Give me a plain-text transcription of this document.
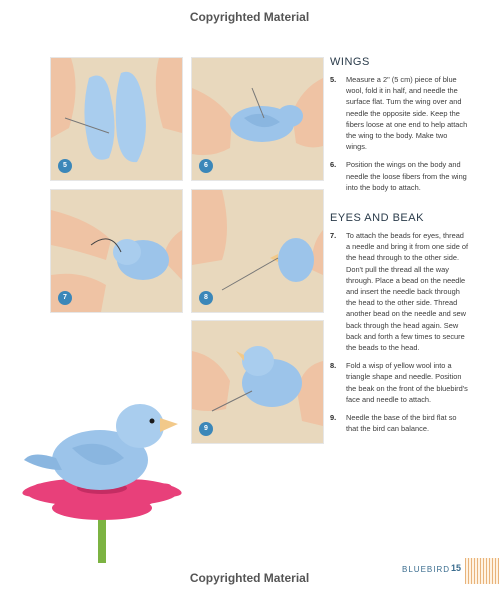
Copyrighted Material
5	6
7	8
9
WINGS
5. Measure a 2" (5 cm) piece of blue wool, fold it in half, and needle the surface flat. Turn the wing over and needle the opposite side. Keep the fibers loose at one end to help attach the wing to the body. Make two wings.
6. Position the wings on the body and needle the loose fibers from the wing into the body to attach.
EYES AND BEAK
7. To attach the beads for eyes, thread a needle and bring it from one side of the head through to the other side. Don't pull the thread all the way through. Place a bead on the needle and insert the needle back through the head to the other side. Thread another bead on the needle and sew back through the head again. Sew back and forth a few times to secure the beads to the head.
8. Fold a wisp of yellow wool into a triangle shape and needle. Position the beak on the front of the bluebird's face and needle to attach.
9. Needle the base of the bird flat so that the bird can balance.
BLUEBIRD 15
Copyrighted Material
